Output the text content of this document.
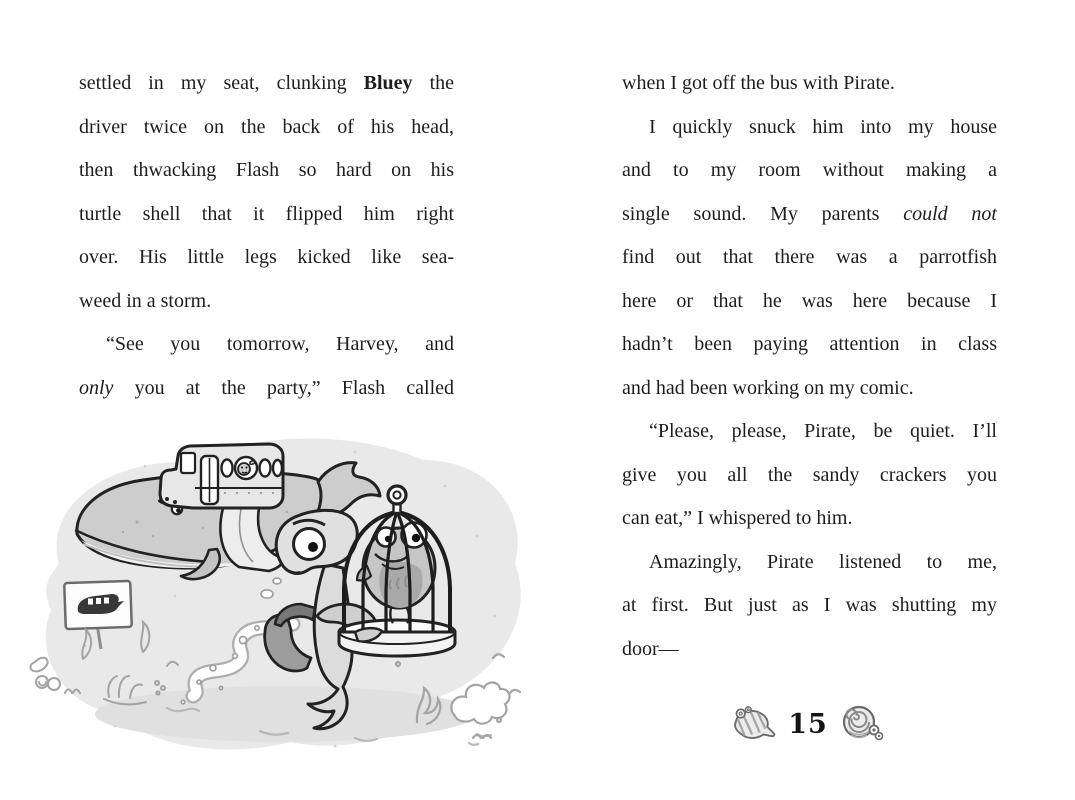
settled in my seat, clunking Bluey the
driver twice on the back of his head,
then thwacking Flash so hard on his
turtle shell that it flipped him right
over. His little legs kicked like sea-
weed in a storm.
“See you tomorrow, Harvey, and
only you at the party,” Flash called
when I got off the bus with Pirate.
I quickly snuck him into my house
and to my room without making a
single sound. My parents could not
find out that there was a parrotfish
here or that he was here because I
hadn’t been paying attention in class
and had been working on my comic.
“Please, please, Pirate, be quiet. I’ll
give you all the sandy crackers you
can eat,” I whispered to him.
Amazingly, Pirate listened to me,
at first. But just as I was shutting my
door—
15
